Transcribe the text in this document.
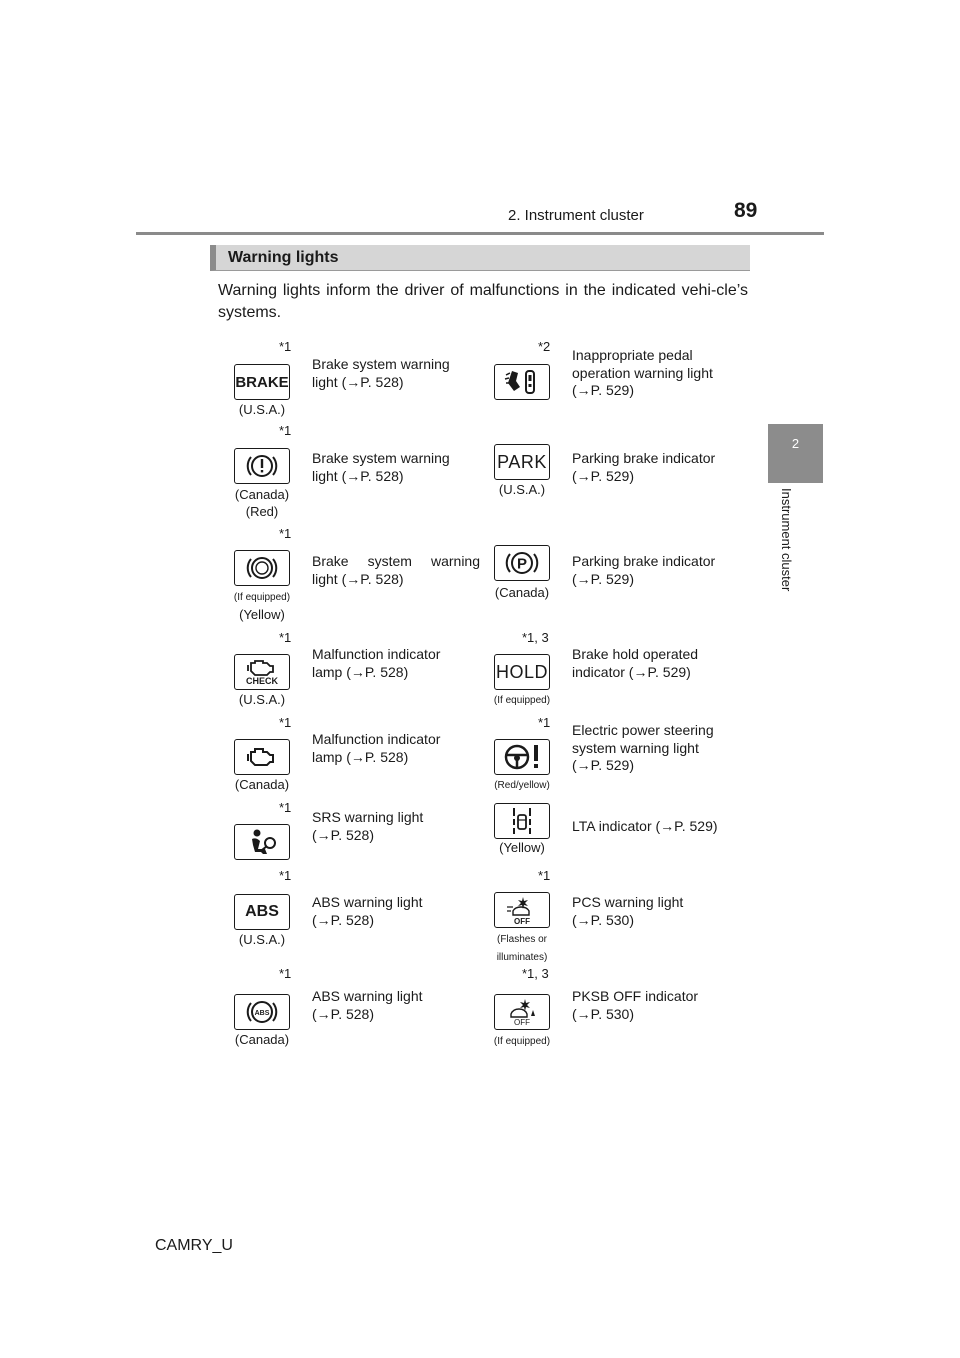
2. Instrument cluster	89
2
Instrument cluster
Warning lights
Warning lights inform the driver of malfunctions in the indicated vehi-cle’s systems.
*1
BRAKE
(U.S.A.)
Brake system warning
light (→P. 528)
*1
(Canada)
(Red)
Brake system warning
light (→P. 528)
*1
(If equipped)
(Yellow)
Brake system warning
light (→P. 528)
*1
CHECK
(U.S.A.)
Malfunction indicator
lamp (→P. 528)
*1
(Canada)
Malfunction indicator
lamp (→P. 528)
*1
SRS warning light
(→P. 528)
*1
ABS
(U.S.A.)
ABS warning light
(→P. 528)
*1
ABS
(Canada)
ABS warning light
(→P. 528)
*2
Inappropriate pedal
operation warning light
(→P. 529)
PARK
(U.S.A.)
Parking brake indicator
(→P. 529)
P
(Canada)
Parking brake indicator
(→P. 529)
*1, 3
HOLD
(If equipped)
Brake hold operated
indicator (→P. 529)
*1
(Red/yellow)
Electric power steering
system warning light
(→P. 529)
(Yellow)
LTA indicator (→P. 529)
*1
OFF
(Flashes or
illuminates)
PCS warning light
(→P. 530)
*1, 3
OFF
(If equipped)
PKSB OFF indicator
(→P. 530)
CAMRY_U
